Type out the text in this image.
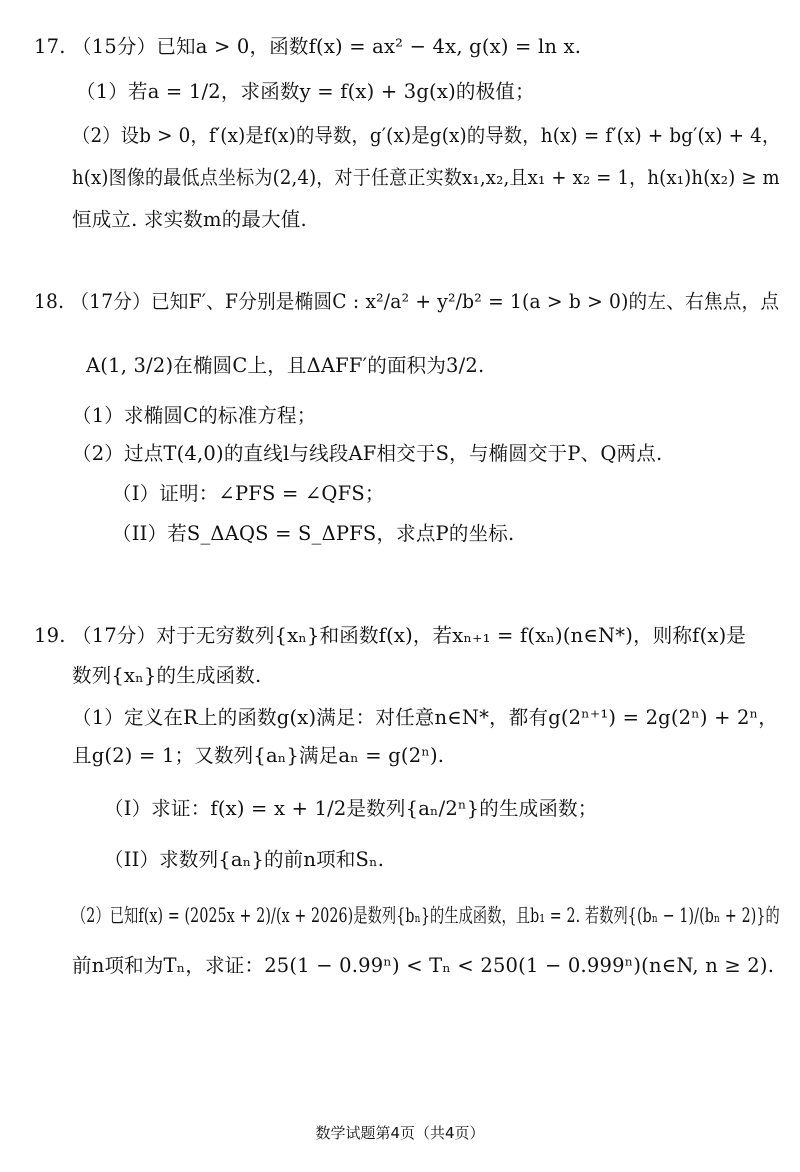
17. （15分）已知a > 0，函数f(x) = ax² − 4x, g(x) = ln x.
（1）若a = 1/2，求函数y = f(x) + 3g(x)的极值；
（2）设b > 0，f′(x)是f(x)的导数，g′(x)是g(x)的导数，h(x) = f′(x) + bg′(x) + 4，
h(x)图像的最低点坐标为(2,4)，对于任意正实数x₁,x₂,且x₁ + x₂ = 1，h(x₁)h(x₂) ≥ m
恒成立. 求实数m的最大值.
18. （17分）已知F′、F分别是椭圆C : x²/a² + y²/b² = 1(a > b > 0)的左、右焦点，点
A(1, 3/2)在椭圆C上，且ΔAFF′的面积为3/2.
（1）求椭圆C的标准方程；
（2）过点T(4,0)的直线l与线段AF相交于S，与椭圆交于P、Q两点.
（I）证明：∠PFS = ∠QFS；
（II）若S_ΔAQS = S_ΔPFS，求点P的坐标.
19. （17分）对于无穷数列{xₙ}和函数f(x)，若xₙ₊₁ = f(xₙ)(n∈N*)，则称f(x)是
数列{xₙ}的生成函数.
（1）定义在R上的函数g(x)满足：对任意n∈N*，都有g(2ⁿ⁺¹) = 2g(2ⁿ) + 2ⁿ，
且g(2) = 1；又数列{aₙ}满足aₙ = g(2ⁿ).
（I）求证：f(x) = x + 1/2是数列{aₙ/2ⁿ}的生成函数；
（II）求数列{aₙ}的前n项和Sₙ.
（2）已知f(x) = (2025x + 2)/(x + 2026)是数列{bₙ}的生成函数，且b₁ = 2. 若数列{(bₙ − 1)/(bₙ + 2)}的
前n项和为Tₙ，求证：25(1 − 0.99ⁿ) < Tₙ < 250(1 − 0.999ⁿ)(n∈N, n ≥ 2).
数学试题第4页（共4页）
